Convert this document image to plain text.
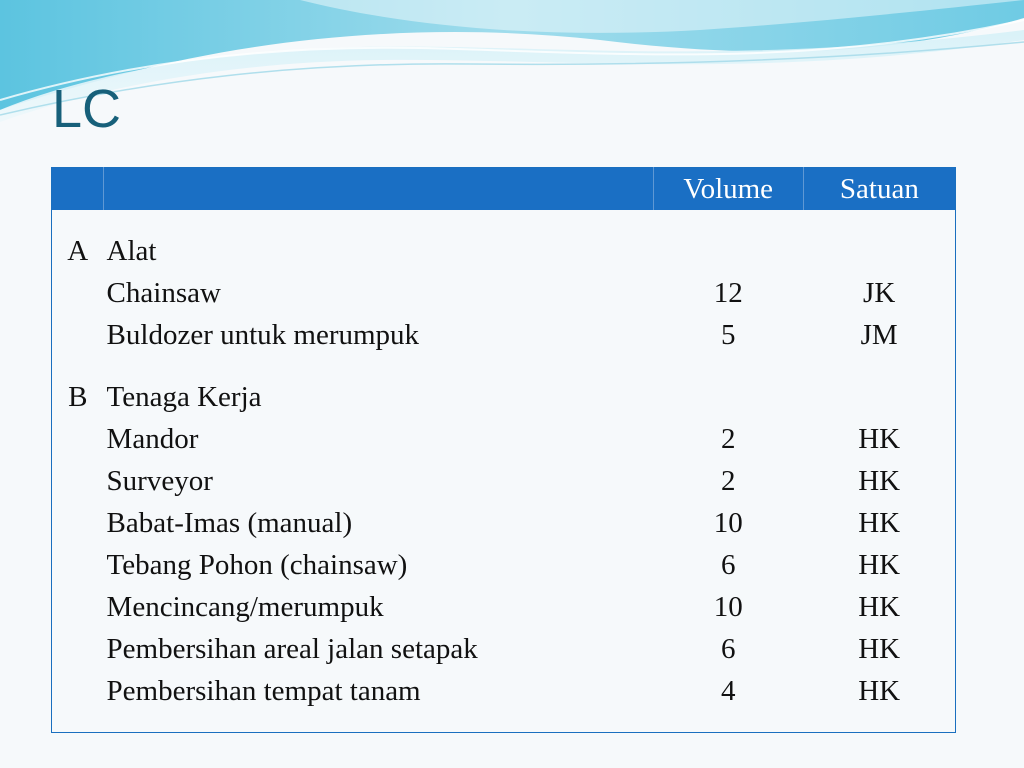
LC
		Volume	Satuan

A	Alat		
	Chainsaw	12	JK
	Buldozer untuk merumpuk	5	JM

B	Tenaga Kerja		
	Mandor	2	HK
	Surveyor	2	HK
	Babat-Imas (manual)	10	HK
	Tebang Pohon (chainsaw)	6	HK
	Mencincang/merumpuk	10	HK
	Pembersihan areal jalan setapak	6	HK
	Pembersihan tempat tanam	4	HK
